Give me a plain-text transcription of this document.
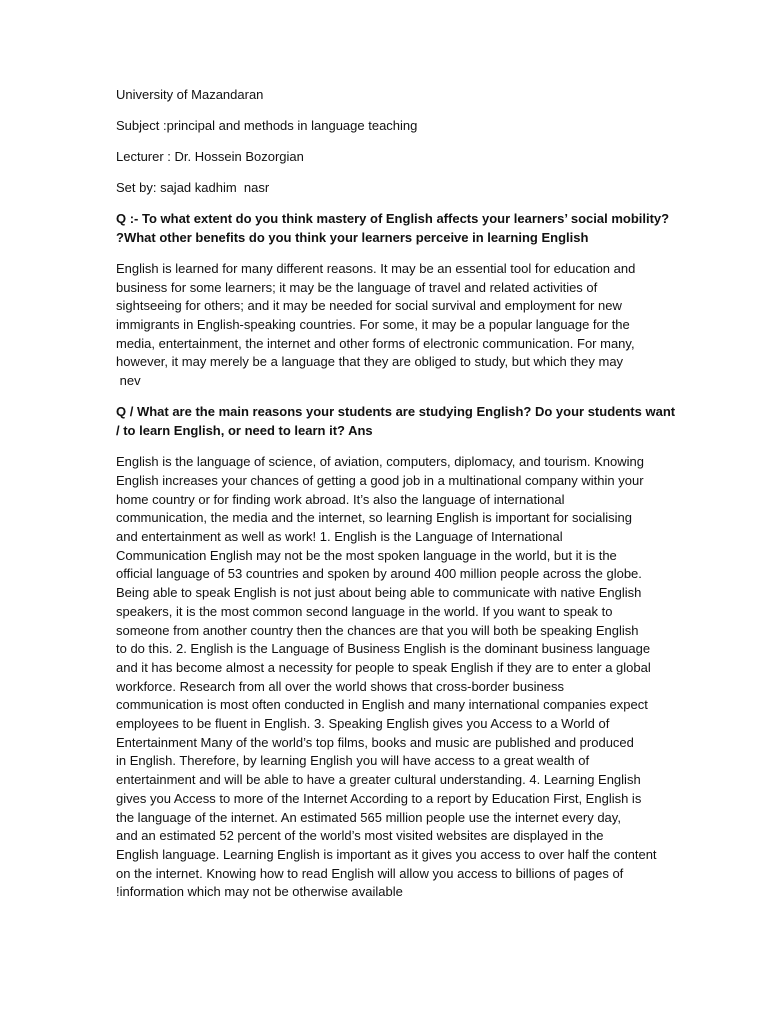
University of Mazandaran

Subject :principal and methods in language teaching

Lecturer : Dr. Hossein Bozorgian

Set by: sajad kadhim  nasr

Q :- To what extent do you think mastery of English affects your learners’ social mobility?

?What other benefits do you think your learners perceive in learning English

English is learned for many different reasons. It may be an essential tool for education and

business for some learners; it may be the language of travel and related activities of

sightseeing for others; and it may be needed for social survival and employment for new

immigrants in English-speaking countries. For some, it may be a popular language for the

media, entertainment, the internet and other forms of electronic communication. For many,

however, it may merely be a language that they are obliged to study, but which they may

nev

Q / What are the main reasons your students are studying English? Do your students want

/ to learn English, or need to learn it? Ans

English is the language of science, of aviation, computers, diplomacy, and tourism. Knowing

English increases your chances of getting a good job in a multinational company within your

home country or for finding work abroad. It’s also the language of international

communication, the media and the internet, so learning English is important for socialising

and entertainment as well as work! 1. English is the Language of International

Communication English may not be the most spoken language in the world, but it is the

official language of 53 countries and spoken by around 400 million people across the globe.

Being able to speak English is not just about being able to communicate with native English

speakers, it is the most common second language in the world. If you want to speak to

someone from another country then the chances are that you will both be speaking English

to do this. 2. English is the Language of Business English is the dominant business language

and it has become almost a necessity for people to speak English if they are to enter a global

workforce. Research from all over the world shows that cross-border business

communication is most often conducted in English and many international companies expect

employees to be fluent in English. 3. Speaking English gives you Access to a World of

Entertainment Many of the world’s top films, books and music are published and produced

in English. Therefore, by learning English you will have access to a great wealth of

entertainment and will be able to have a greater cultural understanding. 4. Learning English

gives you Access to more of the Internet According to a report by Education First, English is

the language of the internet. An estimated 565 million people use the internet every day,

and an estimated 52 percent of the world’s most visited websites are displayed in the

English language. Learning English is important as it gives you access to over half the content

on the internet. Knowing how to read English will allow you access to billions of pages of

!information which may not be otherwise available
